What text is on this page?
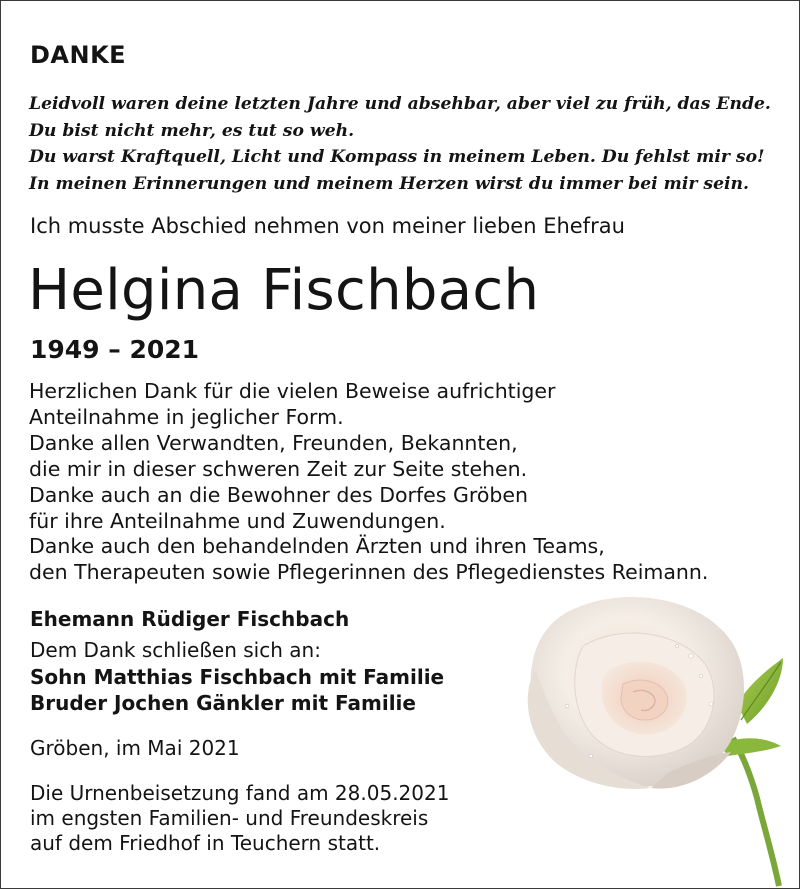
DANKE
Leidvoll waren deine letzten Jahre und absehbar, aber viel zu früh, das Ende.
Du bist nicht mehr, es tut so weh.
Du warst Kraftquell, Licht und Kompass in meinem Leben. Du fehlst mir so!
In meinen Erinnerungen und meinem Herzen wirst du immer bei mir sein.
Ich musste Abschied nehmen von meiner lieben Ehefrau
Helgina Fischbach
1949 – 2021
Herzlichen Dank für die vielen Beweise aufrichtiger
Anteilnahme in jeglicher Form.
Danke allen Verwandten, Freunden, Bekannten,
die mir in dieser schweren Zeit zur Seite stehen.
Danke auch an die Bewohner des Dorfes Gröben
für ihre Anteilnahme und Zuwendungen.
Danke auch den behandelnden Ärzten und ihren Teams,
den Therapeuten sowie Pflegerinnen des Pflegedienstes Reimann.
Ehemann Rüdiger Fischbach
Dem Dank schließen sich an:
Sohn Matthias Fischbach mit Familie
Bruder Jochen Gänkler mit Familie
Gröben, im Mai 2021
Die Urnenbeisetzung fand am 28.05.2021
im engsten Familien- und Freundeskreis
auf dem Friedhof in Teuchern statt.
